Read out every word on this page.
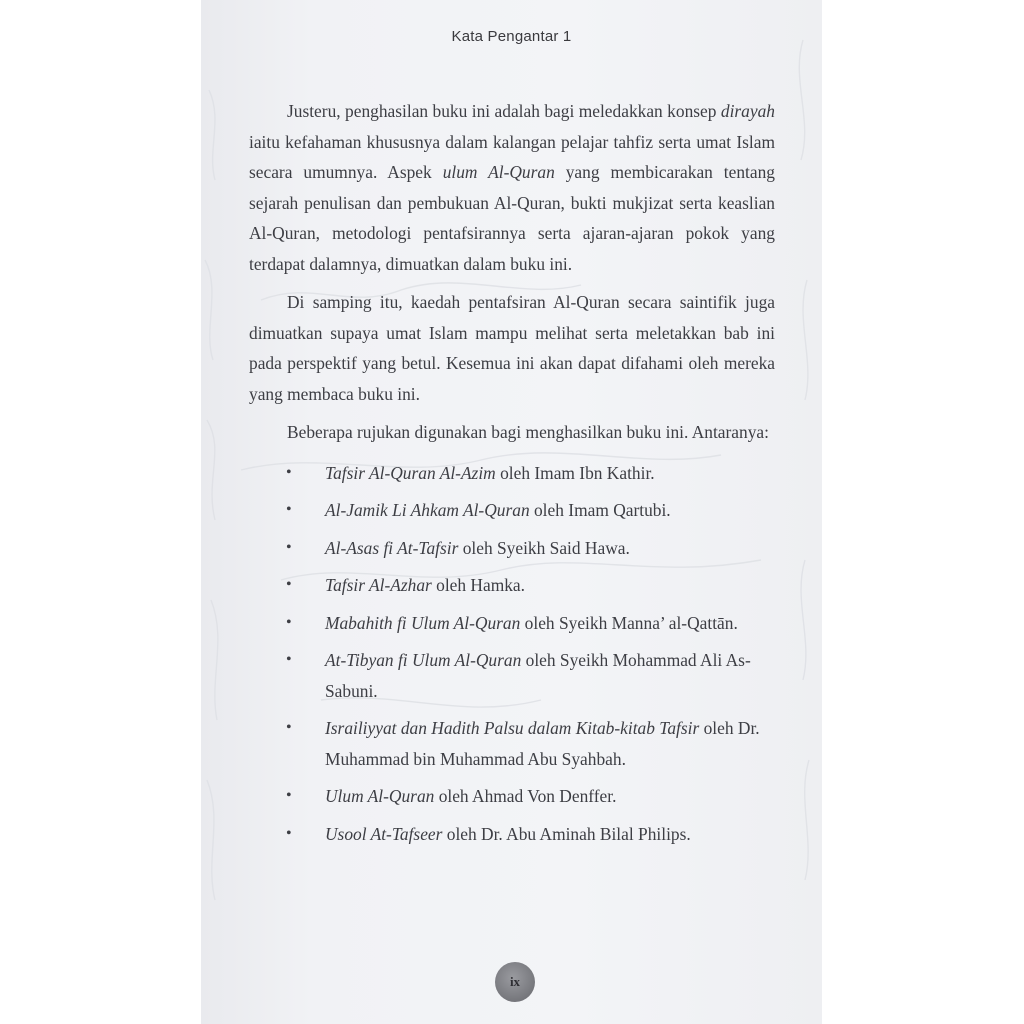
Kata Pengantar 1

Justeru, penghasilan buku ini adalah bagi meledakkan konsep dirayah iaitu kefahaman khususnya dalam kalangan pelajar tahfiz serta umat Islam secara umumnya. Aspek ulum Al-Quran yang membicarakan tentang sejarah penulisan dan pembukuan Al-Quran, bukti mukjizat serta keaslian Al-Quran, metodologi pentafsirannya serta ajaran-ajaran pokok yang terdapat dalamnya, dimuatkan dalam buku ini.

Di samping itu, kaedah pentafsiran Al-Quran secara saintifik juga dimuatkan supaya umat Islam mampu melihat serta meletakkan bab ini pada perspektif yang betul. Kesemua ini akan dapat difahami oleh mereka yang membaca buku ini.

Beberapa rujukan digunakan bagi menghasilkan buku ini. Antaranya:

• Tafsir Al-Quran Al-Azim oleh Imam Ibn Kathir.
• Al-Jamik Li Ahkam Al-Quran oleh Imam Qartubi.
• Al-Asas fi At-Tafsir oleh Syeikh Said Hawa.
• Tafsir Al-Azhar oleh Hamka.
• Mabahith fi Ulum Al-Quran oleh Syeikh Manna’ al-Qattān.
• At-Tibyan fi Ulum Al-Quran oleh Syeikh Mohammad Ali As-Sabuni.
• Israiliyyat dan Hadith Palsu dalam Kitab-kitab Tafsir oleh Dr. Muhammad bin Muhammad Abu Syahbah.
• Ulum Al-Quran oleh Ahmad Von Denffer.
• Usool At-Tafseer oleh Dr. Abu Aminah Bilal Philips.
ix
